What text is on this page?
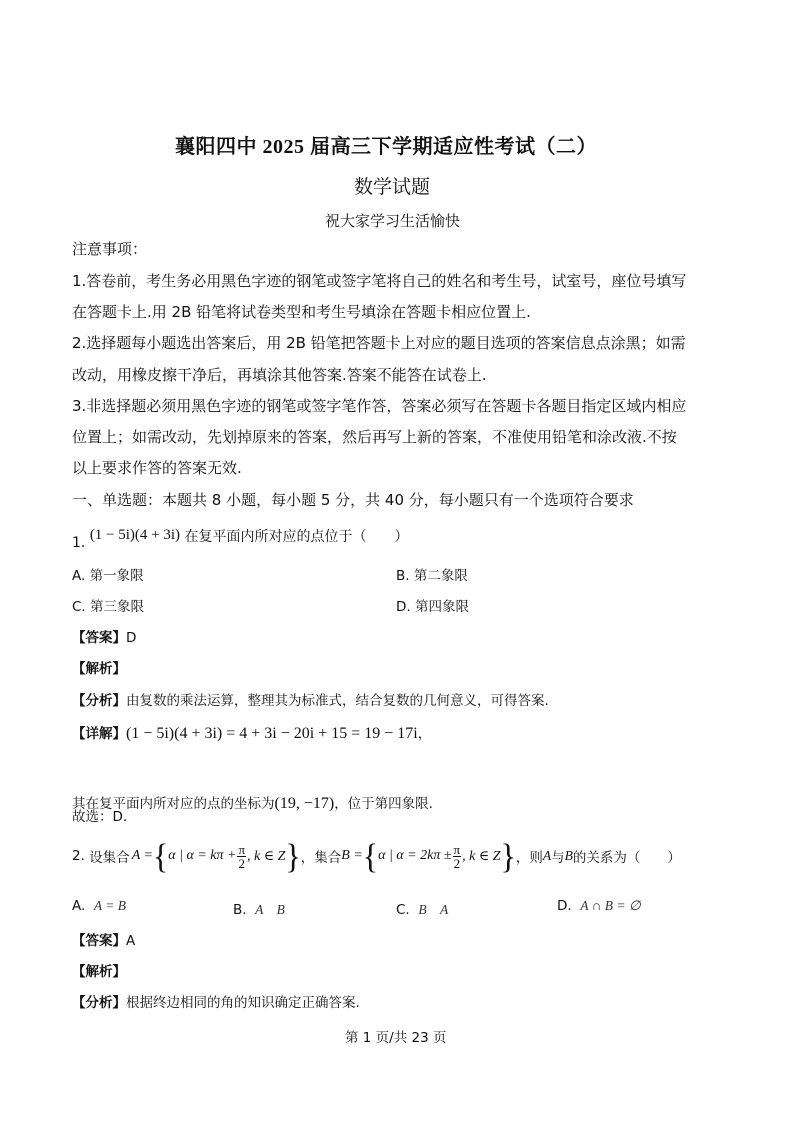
襄阳四中 2025 届高三下学期适应性考试（二）
数学试题
祝大家学习生活愉快
注意事项：
1.答卷前，考生务必用黑色字迹的钢笔或签字笔将自己的姓名和考生号，试室号，座位号填写
在答题卡上.用 2B 铅笔将试卷类型和考生号填涂在答题卡相应位置上.
2.选择题每小题选出答案后，用 2B 铅笔把答题卡上对应的题目选项的答案信息点涂黑；如需
改动，用橡皮擦干净后，再填涂其他答案.答案不能答在试卷上.
3.非选择题必须用黑色字迹的钢笔或签字笔作答，答案必须写在答题卡各题目指定区域内相应
位置上；如需改动，先划掉原来的答案，然后再写上新的答案，不准使用铅笔和涂改液.不按
以上要求作答的答案无效.
一、单选题：本题共 8 小题，每小题 5 分，共 40 分，每小题只有一个选项符合要求
1. (1 − 5i)(4 + 3i) 在复平面内所对应的点位于（　　）
A. 第一象限	B. 第二象限
C. 第三象限	D. 第四象限
【答案】D
【解析】
【分析】由复数的乘法运算，整理其为标准式，结合复数的几何意义，可得答案.
【详解】(1 − 5i)(4 + 3i) = 4 + 3i − 20i + 15 = 19 − 17i，
其在复平面内所对应的点的坐标为(19, −17)，位于第四象限.
故选：D.
2.
设集合 A = { α | $\alpha = k\pi + \frac{\pi}{2}$ , k ∈ Z } ，集合 B = { α | $\alpha = 2k\pi \pm \frac{\pi}{2}$ , k ∈ Z } ，则 A 与 B 的关系为（　　）
A. A = B	B. A　B	C. B　A	D. A ∩ B = ∅
【答案】A
【解析】
【分析】根据终边相同的角的知识确定正确答案.
第 1 页/共 23 页
